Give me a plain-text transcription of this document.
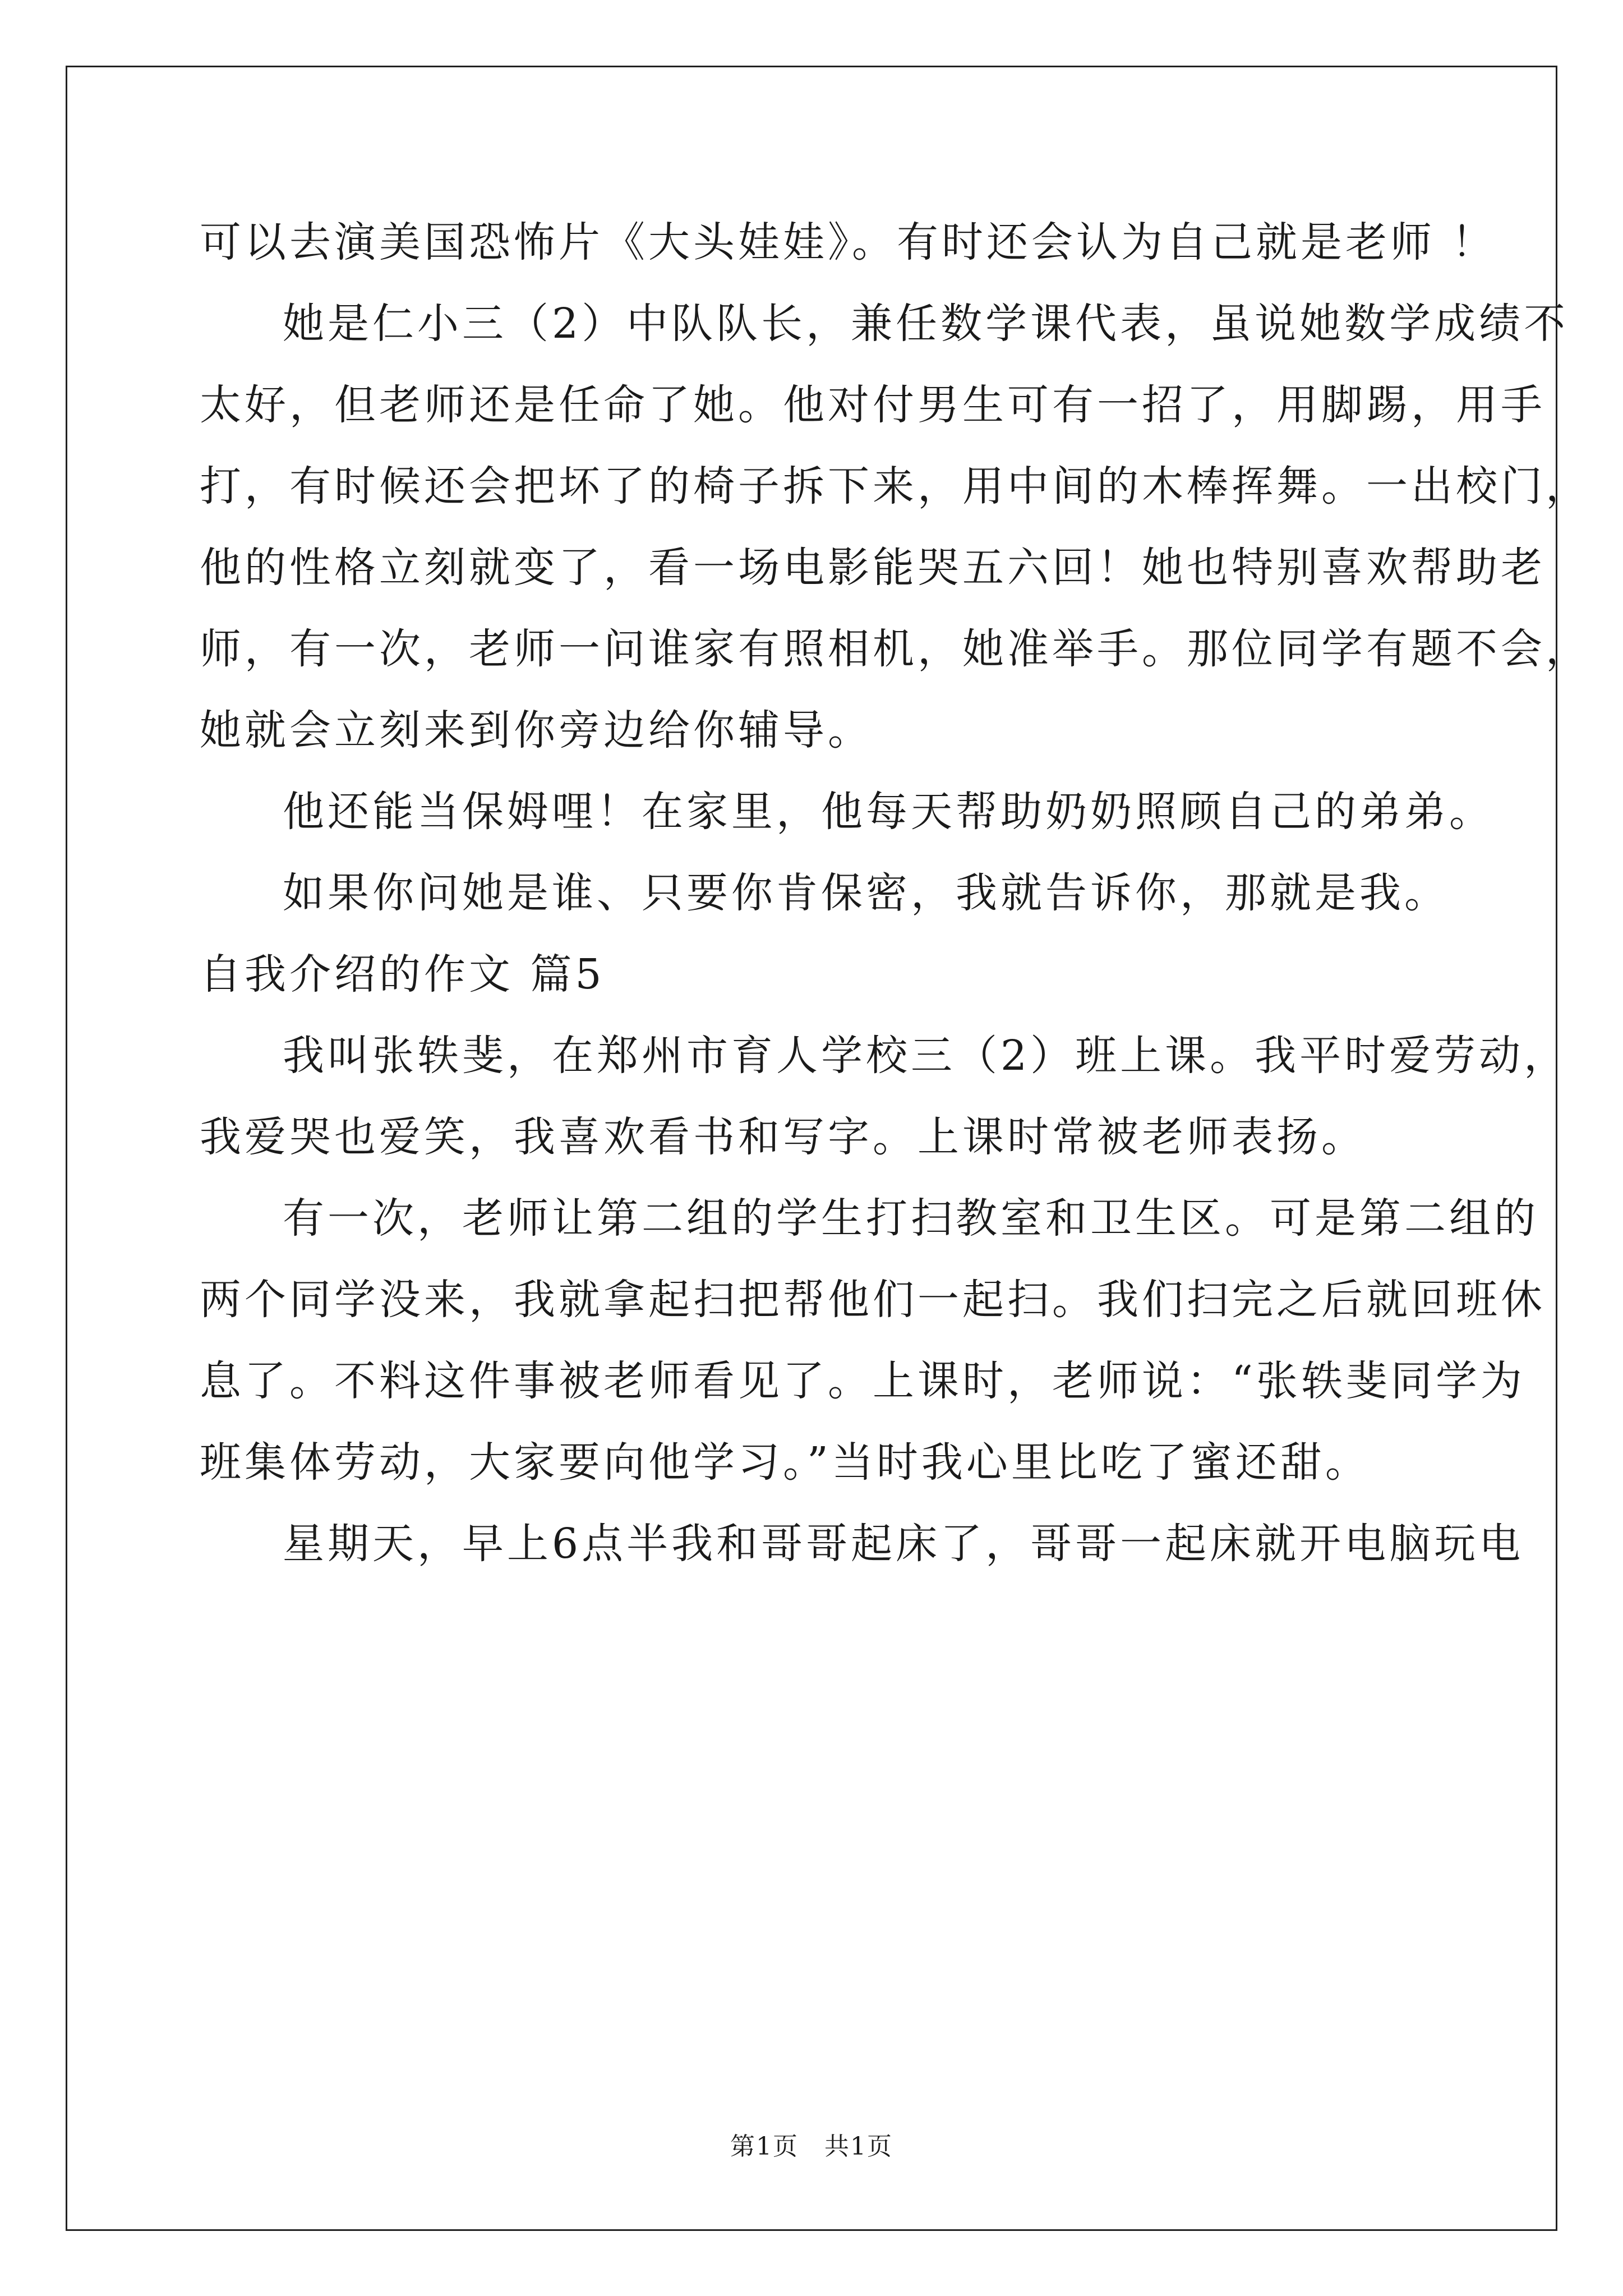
可以去演美国恐怖片《大头娃娃》。有时还会认为自己就是老师 ！
她是仁小三（2）中队队长，兼任数学课代表，虽说她数学成绩不
太好，但老师还是任命了她。他对付男生可有一招了，用脚踢，用手
打，有时候还会把坏了的椅子拆下来，用中间的木棒挥舞。一出校门，
他的性格立刻就变了，看一场电影能哭五六回！她也特别喜欢帮助老
师，有一次，老师一问谁家有照相机，她准举手。那位同学有题不会，
她就会立刻来到你旁边给你辅导。
他还能当保姆哩！在家里，他每天帮助奶奶照顾自己的弟弟。
如果你问她是谁、只要你肯保密，我就告诉你，那就是我。
自我介绍的作文 篇5
我叫张轶斐，在郑州市育人学校三（2）班上课。我平时爱劳动，
我爱哭也爱笑，我喜欢看书和写字。上课时常被老师表扬。
有一次，老师让第二组的学生打扫教室和卫生区。可是第二组的
两个同学没来，我就拿起扫把帮他们一起扫。我们扫完之后就回班休
息了。不料这件事被老师看见了。上课时，老师说：“张轶斐同学为
班集体劳动，大家要向他学习。”当时我心里比吃了蜜还甜。
星期天，早上6点半我和哥哥起床了，哥哥一起床就开电脑玩电
第1页　共1页
